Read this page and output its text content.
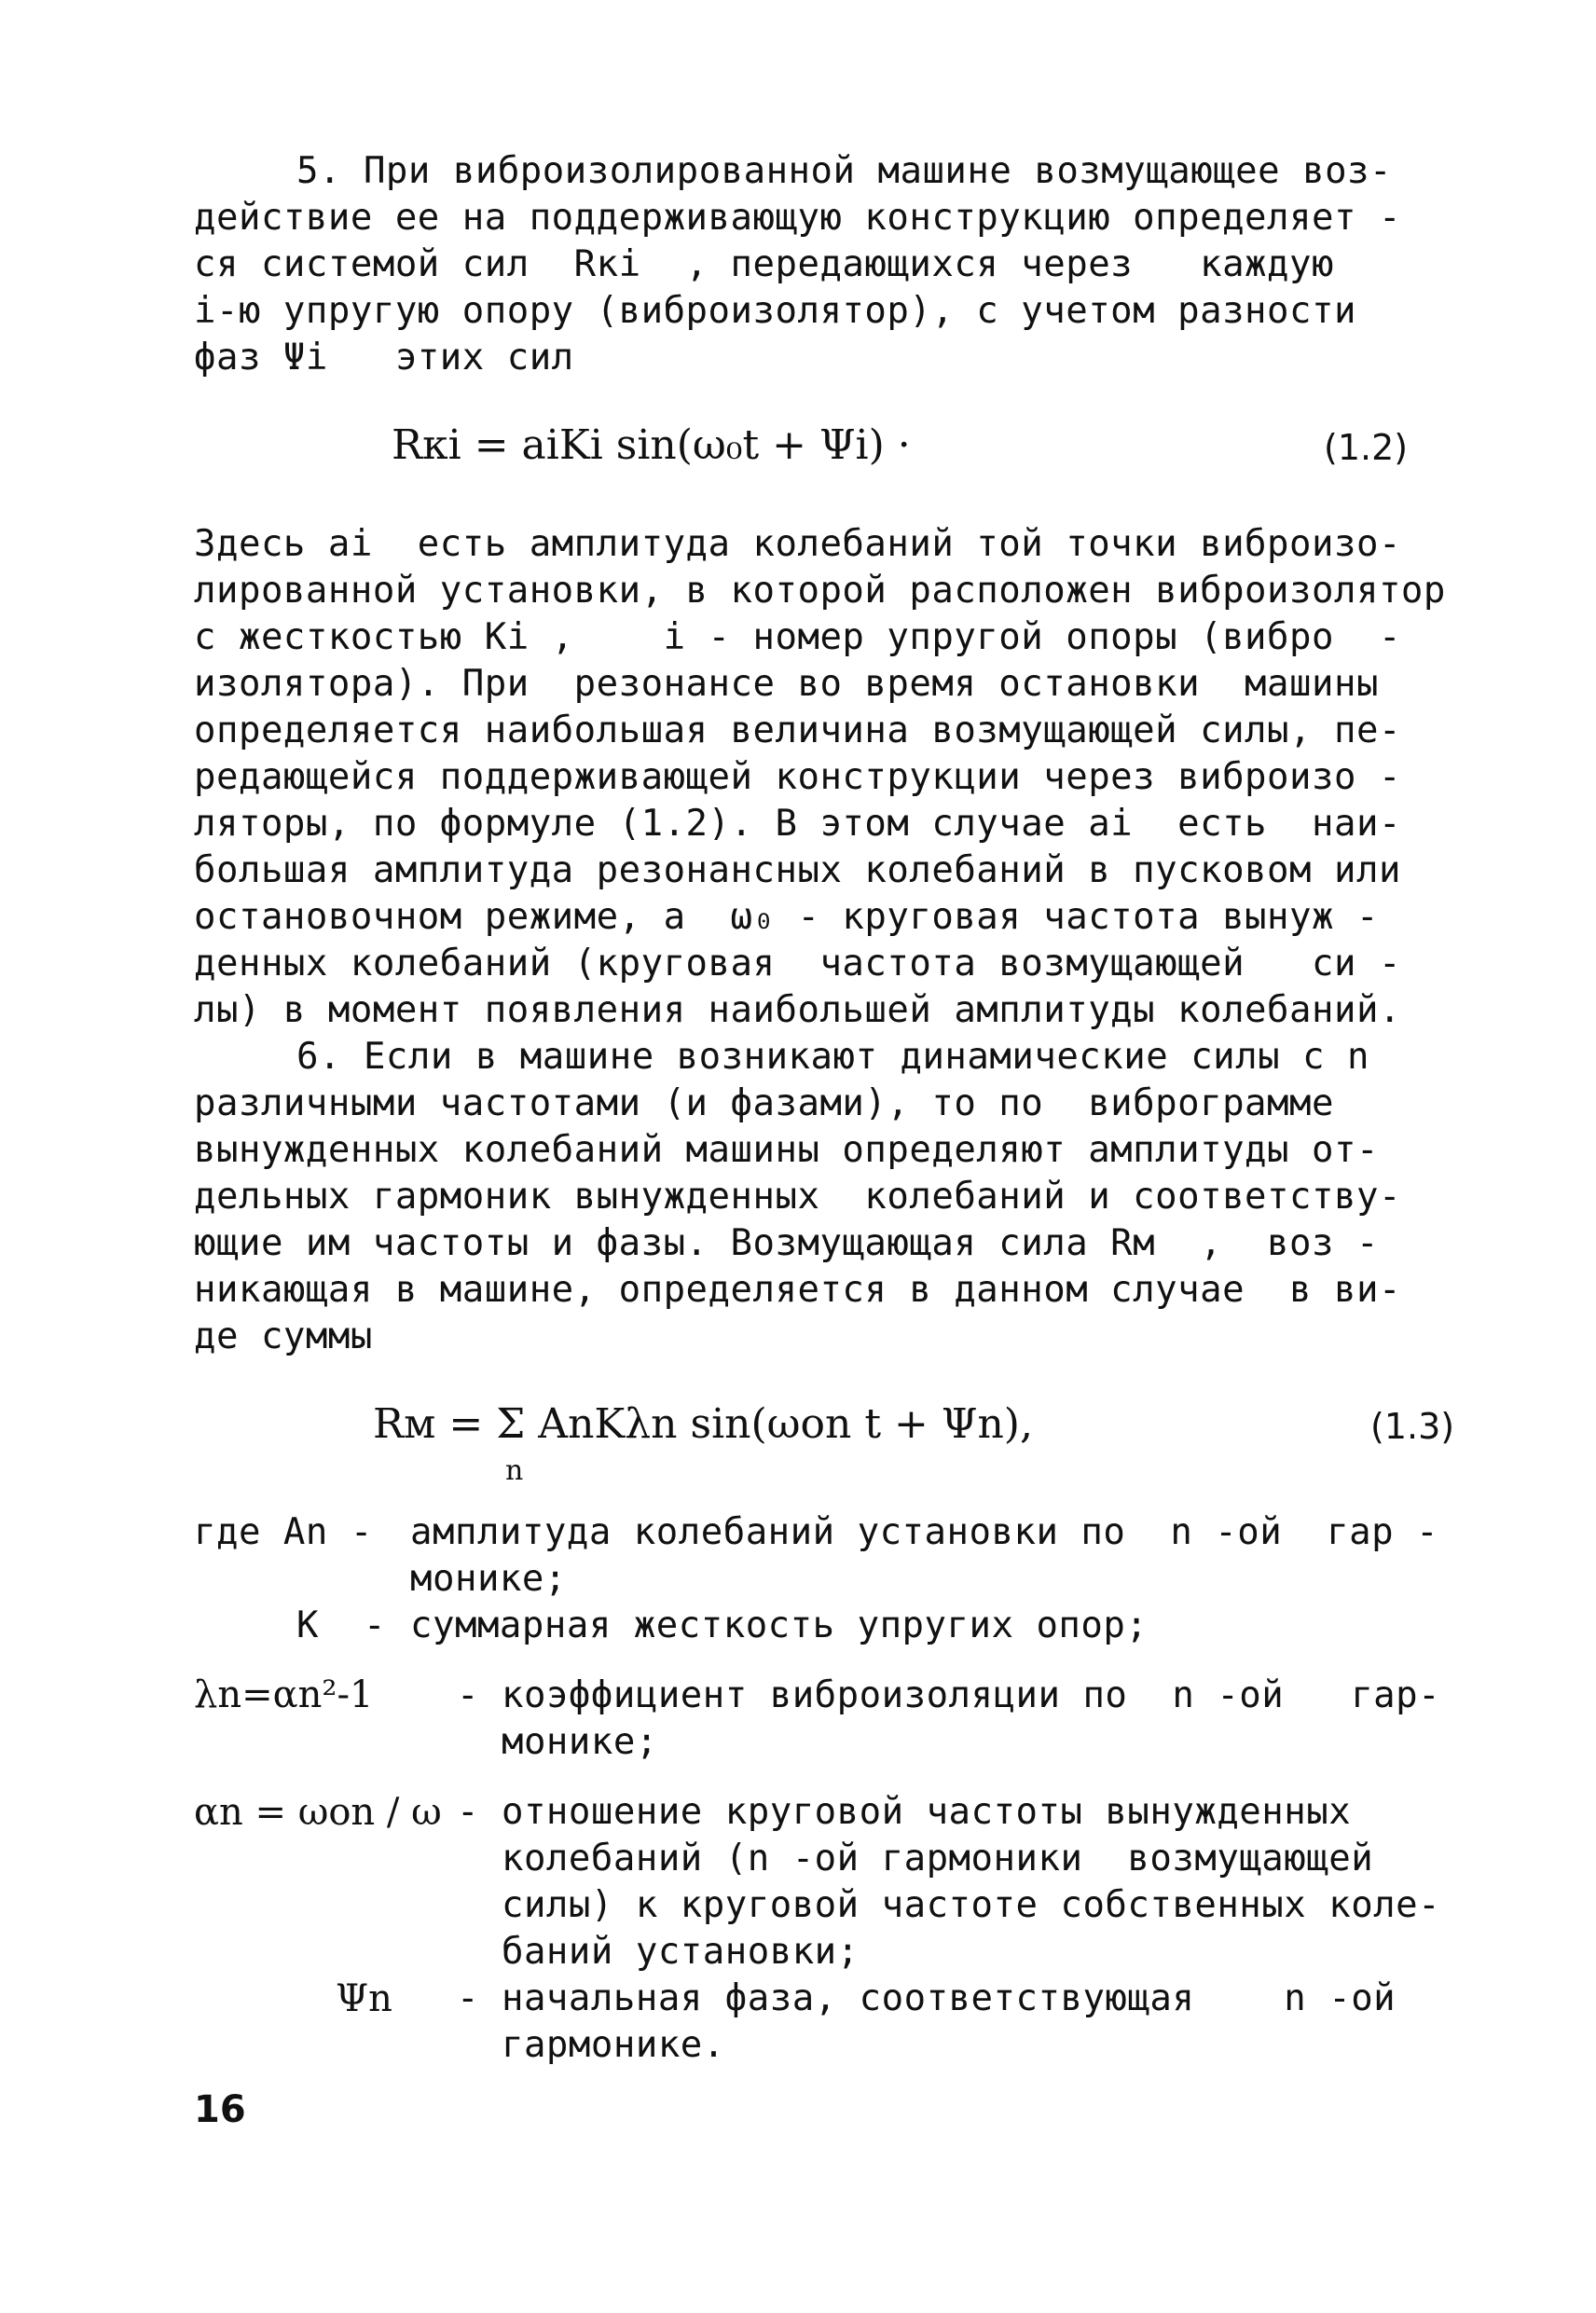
5. При виброизолированной машине возмущающее воз-
действие ее на поддерживающую конструкцию определяет -
ся системой сил  Rкi  , передающихся через   каждую
i-ю упругую опору (виброизолятор), с учетом разности
фаз Ψi   этих сил
Rкi = aiKi sin(ω₀t + Ψi) ·	(1.2)
Здесь ai  есть амплитуда колебаний той точки виброизо-
лированной установки, в которой расположен виброизолятор
с жесткостью Ki ,    i - номер упругой опоры (вибро  -
изолятора). При  резонансе во время остановки  машины
определяется наибольшая величина возмущающей силы, пе-
редающейся поддерживающей конструкции через виброизо -
ляторы, по формуле (1.2). В этом случае ai  есть  наи-
большая амплитуда резонансных колебаний в пусковом или
остановочном режиме, а  ω₀ - круговая частота вынуж -
денных колебаний (круговая  частота возмущающей   си -
лы) в момент появления наибольшей амплитуды колебаний.
6. Если в машине возникают динамические силы с n
различными частотами (и фазами), то по  виброграмме
вынужденных колебаний машины определяют амплитуды от-
дельных гармоник вынужденных  колебаний и соответству-
ющие им частоты и фазы. Возмущающая сила Rм  ,  воз -
никающая в машине, определяется в данном случае  в ви-
де суммы
Rм = Σ AnKλn sin(ωon t + Ψn),
n
(1.3)
где An - амплитуда колебаний установки по  n -ой  гар -
монике;
K  - суммарная жесткость упругих опор;
λn=αn²-1 - коэффициент виброизоляции по  n -ой   гар-
монике;
αn = ωon / ω - отношение круговой частоты вынужденных
колебаний (n -ой гармоники  возмущающей
силы) к круговой частоте собственных коле-
баний установки;
Ψn - начальная фаза, соответствующая    n -ой
гармонике.
16
